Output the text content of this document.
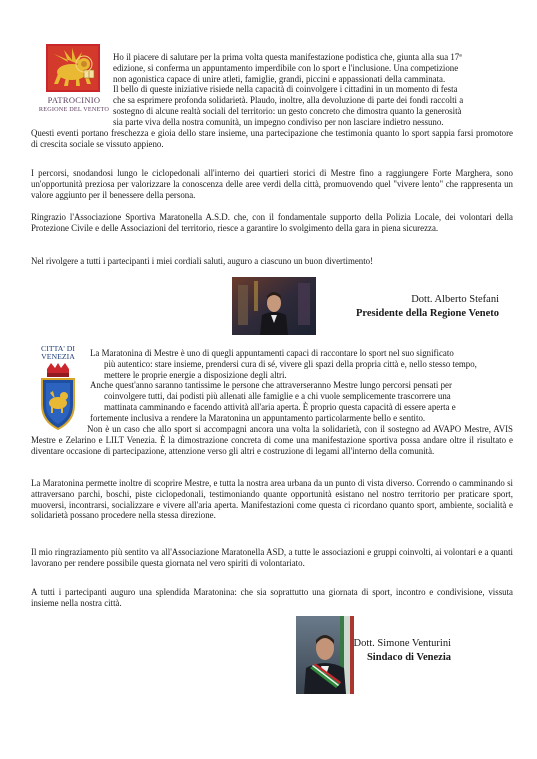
PATROCINIO
REGIONE DEL VENETO

Ho il piacere di salutare per la prima volta questa manifestazione podistica che, giunta alla sua 17ª

edizione, si conferma un appuntamento imperdibile con lo sport e l'inclusione. Una competizione

non agonistica capace di unire atleti, famiglie, grandi, piccini e appassionati della camminata.

Il bello di queste iniziative risiede nella capacità di coinvolgere i cittadini in un momento di festa

che sa esprimere profonda solidarietà. Plaudo, inoltre, alla devoluzione di parte dei fondi raccolti a

sostegno di alcune realtà sociali del territorio: un gesto concreto che dimostra quanto la generosità

sia parte viva della nostra comunità, un impegno condiviso per non lasciare indietro nessuno.

Questi eventi portano freschezza e gioia dello stare insieme, una partecipazione che testimonia quanto lo sport sappia farsi promotore di crescita sociale se vissuto appieno.

I percorsi, snodandosi lungo le ciclopedonali all'interno dei quartieri storici di Mestre fino a raggiungere Forte Marghera, sono un'opportunità preziosa per valorizzare la conoscenza delle aree verdi della città, promuovendo quel "vivere lento" che rappresenta un valore aggiunto per il benessere della persona.

Ringrazio l'Associazione Sportiva Maratonella A.S.D. che, con il fondamentale supporto della Polizia Locale, dei volontari della Protezione Civile e delle Associazioni del territorio, riesce a garantire lo svolgimento della gara in piena sicurezza.

Nel rivolgere a tutti i partecipanti i miei cordiali saluti, auguro a ciascuno un buon divertimento!

Dott. Alberto Stefani
Presidente della Regione Veneto
CITTA' DI
VENEZIA	La Maratonina di Mestre è uno di quegli appuntamenti capaci di raccontare lo sport nel suo significato

più autentico: stare insieme, prendersi cura di sé, vivere gli spazi della propria città e, nello stesso tempo,

mettere le proprie energie a disposizione degli altri.

Anche quest'anno saranno tantissime le persone che attraverseranno Mestre lungo percorsi pensati per

coinvolgere tutti, dai podisti più allenati alle famiglie e a chi vuole semplicemente trascorrere una

mattinata camminando e facendo attività all'aria aperta. È proprio questa capacità di essere aperta e

fortemente inclusiva a rendere la Maratonina un appuntamento particolarmente bello e sentito.

Non è un caso che allo sport si accompagni ancora una volta la solidarietà, con il sostegno ad AVAPO Mestre, AVIS Mestre e Zelarino e LILT Venezia. È la dimostrazione concreta di come una manifestazione sportiva possa andare oltre il risultato e diventare occasione di partecipazione, attenzione verso gli altri e costruzione di legami all'interno della comunità.

La Maratonina permette inoltre di scoprire Mestre, e tutta la nostra area urbana da un punto di vista diverso. Correndo o camminando si attraversano parchi, boschi, piste ciclopedonali, testimoniando quante opportunità esistano nel nostro territorio per praticare sport, muoversi, incontrarsi, socializzare e vivere all'aria aperta. Manifestazioni come questa ci ricordano quanto sport, ambiente, socialità e solidarietà possano procedere nella stessa direzione.

Il mio ringraziamento più sentito va all'Associazione Maratonella ASD, a tutte le associazioni e gruppi coinvolti, ai volontari e a quanti lavorano per rendere possibile questa giornata nel vero spiriti di volontariato.

A tutti i partecipanti auguro una splendida Maratonina: che sia soprattutto una giornata di sport, incontro e condivisione, vissuta insieme nella nostra città.

Dott. Simone Venturini
Sindaco di Venezia
